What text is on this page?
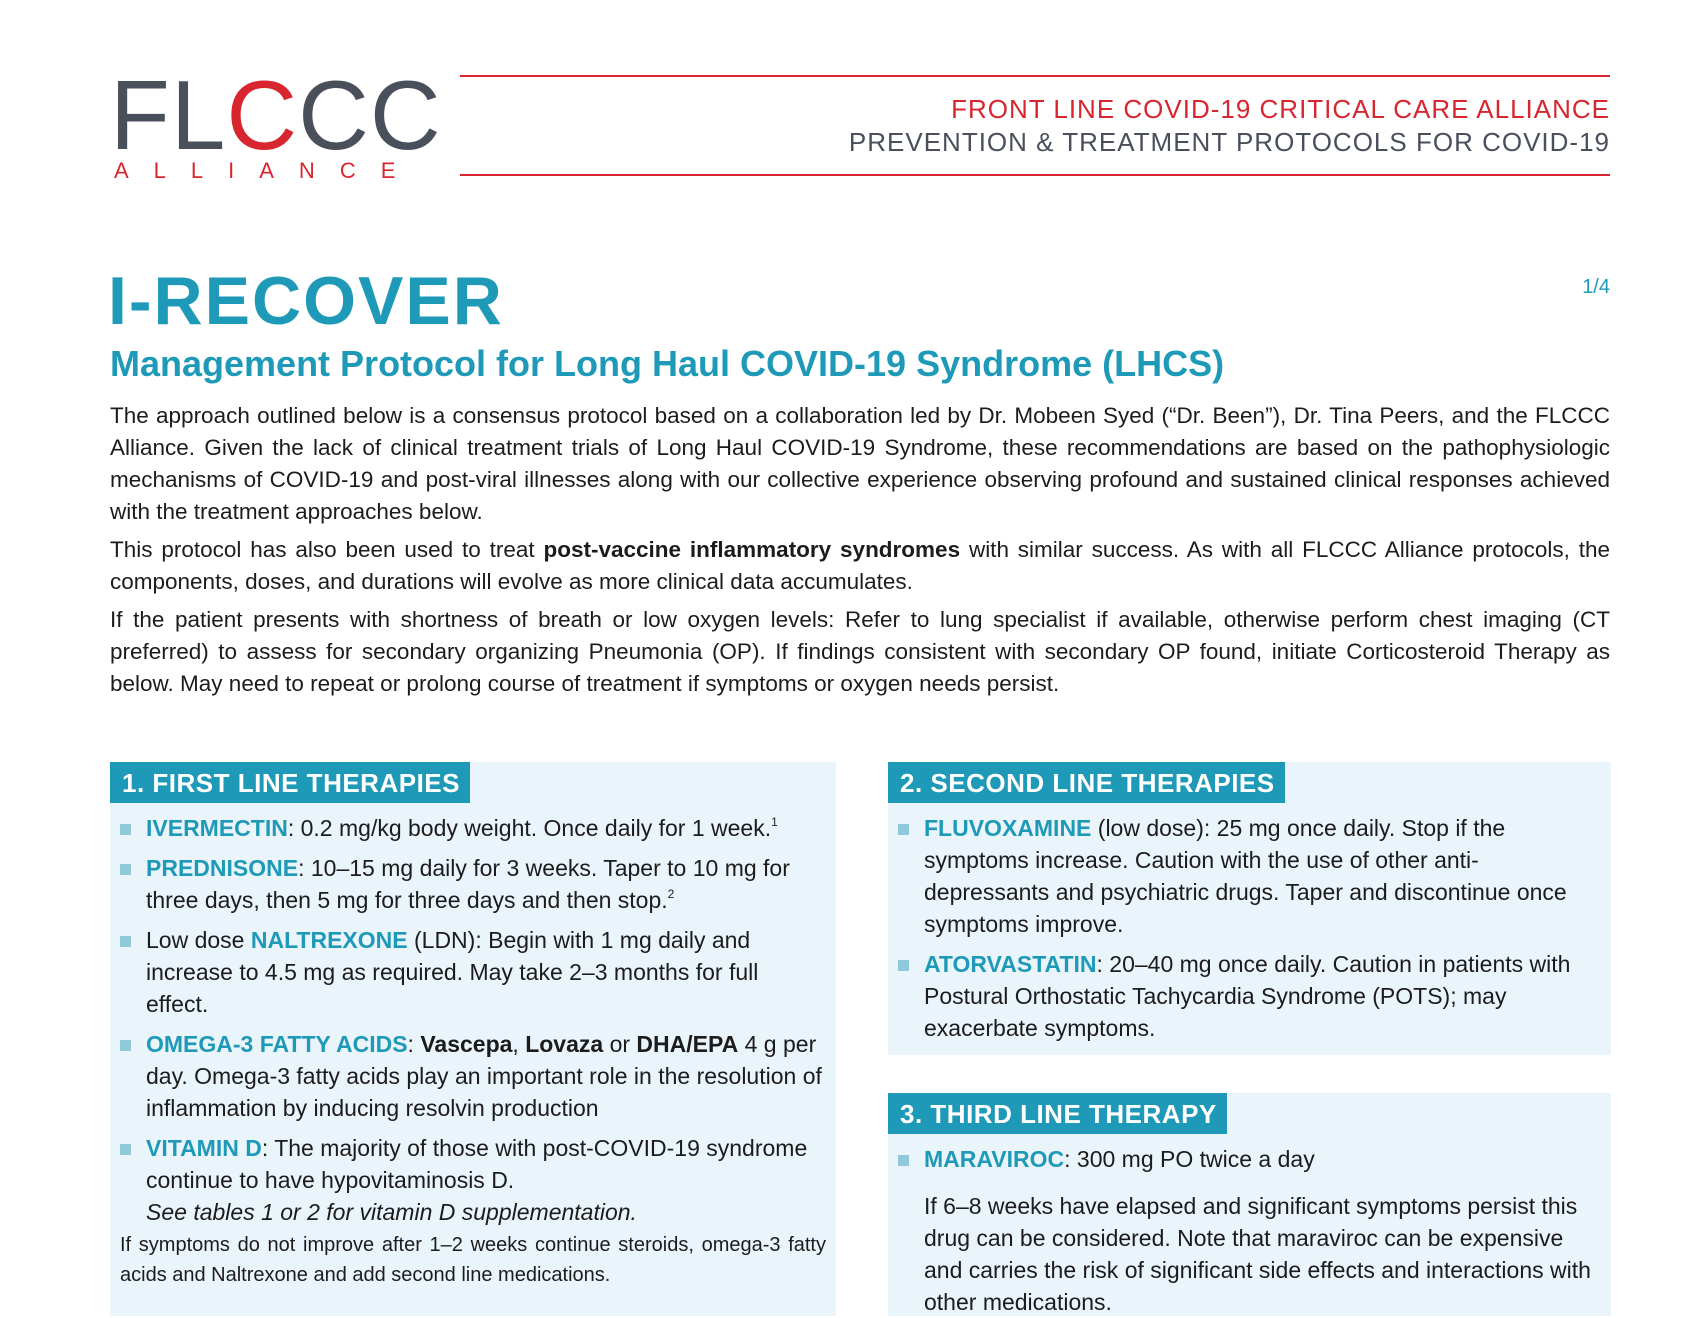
FLCCC
ALLIANCE
FRONT LINE COVID-19 CRITICAL CARE ALLIANCE
PREVENTION & TREATMENT PROTOCOLS FOR COVID-19
1/4
I-RECOVER
Management Protocol for Long Haul COVID-19 Syndrome (LHCS)

The approach outlined below is a consensus protocol based on a collaboration led by Dr. Mobeen Syed (“Dr. Been”), Dr. Tina Peers, and the FLCCC Alliance. Given the lack of clinical treatment trials of Long Haul COVID-19 Syndrome, these recommendations are based on the pathophysiologic mechanisms of COVID-19 and post-viral illnesses along with our collective experience observing profound and sustained clinical responses achieved with the treatment approaches below.

This protocol has also been used to treat post-vaccine inflammatory syndromes with similar success. As with all FLCCC Alliance protocols, the components, doses, and durations will evolve as more clinical data accumulates.

If the patient presents with shortness of breath or low oxygen levels: Refer to lung specialist if available, otherwise perform chest imaging (CT preferred) to assess for secondary organizing Pneumonia (OP). If findings consistent with secondary OP found, initiate Corticosteroid Therapy as below. May need to repeat or prolong course of treatment if symptoms or oxygen needs persist.

1. FIRST LINE THERAPIES
IVERMECTIN: 0.2 mg/kg body weight. Once daily for 1 week.$^1$
PREDNISONE: 10–15 mg daily for 3 weeks. Taper to 10 mg for three days, then 5 mg for three days and then stop.$^2$
Low dose NALTREXONE (LDN): Begin with 1 mg daily and increase to 4.5 mg as required. May take 2–3 months for full effect.
OMEGA-3 FATTY ACIDS: Vascepa, Lovaza or DHA/EPA 4 g per day. Omega-3 fatty acids play an important role in the resolution of inflammation by inducing resolvin production
VITAMIN D: The majority of those with post-COVID-19 syndrome continue to have hypovitaminosis D.
See tables 1 or 2 for vitamin D supplementation.
If symptoms do not improve after 1–2 weeks continue steroids, omega-3 fatty acids and Naltrexone and add second line medications.
2. SECOND LINE THERAPIES
FLUVOXAMINE (low dose): 25 mg once daily. Stop if the symptoms increase. Caution with the use of other anti-depressants and psychiatric drugs. Taper and discontinue once symptoms improve.
ATORVASTATIN: 20–40 mg once daily. Caution in patients with Postural Orthostatic Tachycardia Syndrome (POTS); may exacerbate symptoms.
3. THIRD LINE THERAPY
MARAVIROC: 300 mg PO twice a day
If 6–8 weeks have elapsed and significant symptoms persist this drug can be considered. Note that maraviroc can be expensive and carries the risk of significant side effects and interactions with other medications.
